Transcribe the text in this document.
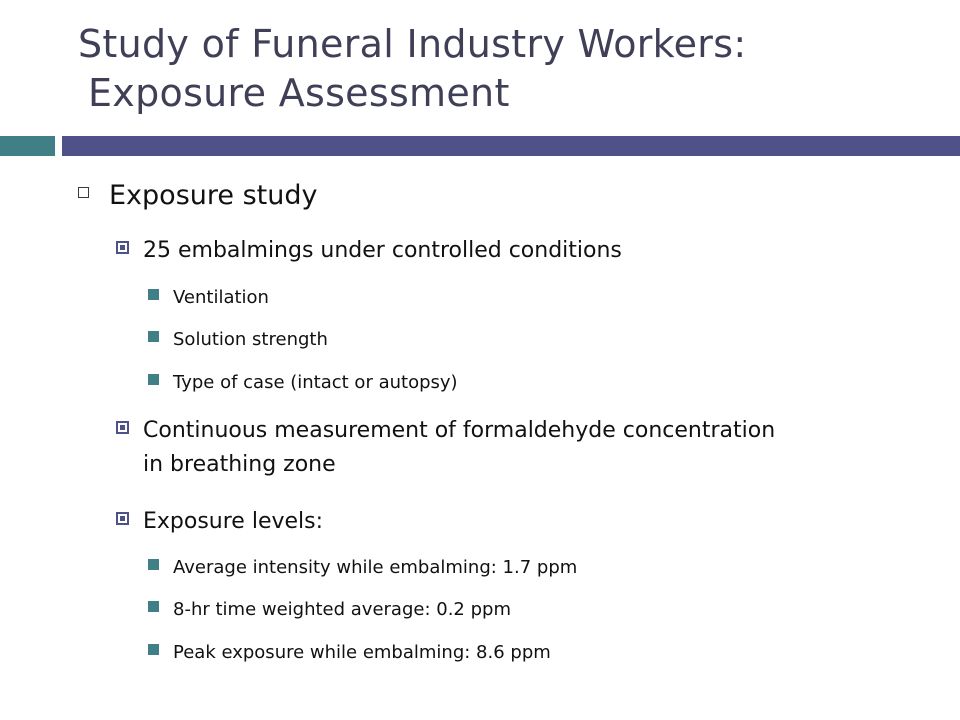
Study of Funeral Industry Workers:
Exposure Assessment
Exposure study
25 embalmings under controlled conditions
Ventilation
Solution strength
Type of case (intact or autopsy)
Continuous measurement of formaldehyde concentration
in breathing zone
Exposure levels:
Average intensity while embalming: 1.7 ppm
8-hr time weighted average: 0.2 ppm
Peak exposure while embalming: 8.6 ppm
